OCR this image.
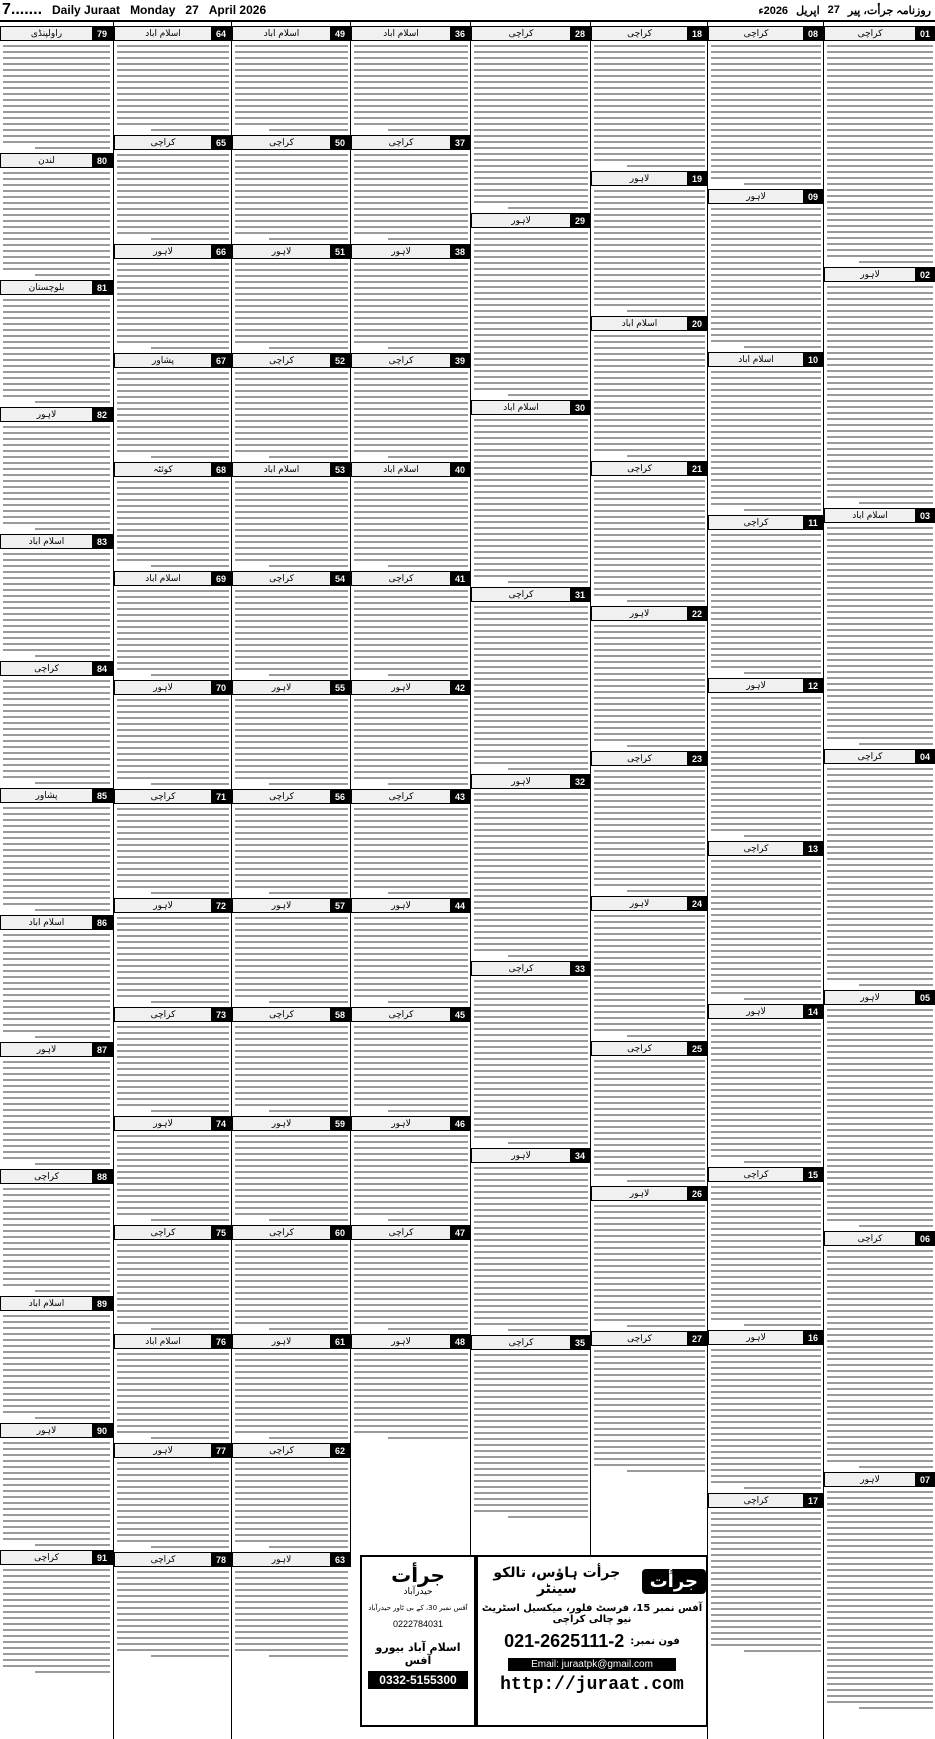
7....... Daily Juraat Monday 27 April 2026	روزنامہ جرأت، پیر
27
اپریل
2026ء
79
راولپنڈی
80
لندن
81
بلوچستان
82
لاہور
83
اسلام آباد
84
کراچی
85
پشاور
86
اسلام آباد
87
لاہور
88
کراچی
89
اسلام آباد
90
لاہور
91
کراچی
64
اسلام آباد
65
کراچی
66
لاہور
67
پشاور
68
کوئٹہ
69
اسلام آباد
70
لاہور
71
کراچی
72
لاہور
73
کراچی
74
لاہور
75
کراچی
76
اسلام آباد
77
لاہور
78
کراچی
49
اسلام آباد
50
کراچی
51
لاہور
52
کراچی
53
اسلام آباد
54
کراچی
55
لاہور
56
کراچی
57
لاہور
58
کراچی
59
لاہور
60
کراچی
61
لاہور
62
کراچی
63
لاہور
36
اسلام آباد
37
کراچی
38
لاہور
39
کراچی
40
اسلام آباد
41
کراچی
42
لاہور
43
کراچی
44
لاہور
45
کراچی
46
لاہور
47
کراچی
48
لاہور
28
کراچی
29
لاہور
30
اسلام آباد
31
کراچی
32
لاہور
33
کراچی
34
لاہور
35
کراچی
18
کراچی
19
لاہور
20
اسلام آباد
21
کراچی
22
لاہور
23
کراچی
24
لاہور
25
کراچی
26
لاہور
27
کراچی
08
کراچی
09
لاہور
10
اسلام آباد
11
کراچی
12
لاہور
13
کراچی
14
لاہور
15
کراچی
16
لاہور
17
کراچی
01
کراچی
02
لاہور
03
اسلام آباد
04
کراچی
05
لاہور
06
کراچی
07
لاہور
جرأت
حیدرآباد
آفس نمبر 30، کے بی ٹاور حیدرآباد
0222784031
اسلام آباد بیورو آفس
0332-5155300
جرأت
جرأت ہاؤس، تالکو سینٹر
آفس نمبر 15، فرسٹ فلور، میکسیل اسٹریٹ نیو چالی کراچی
021-2625111-2 فون نمبر:
Email: juraatpk@gmail.com
http://juraat.com
